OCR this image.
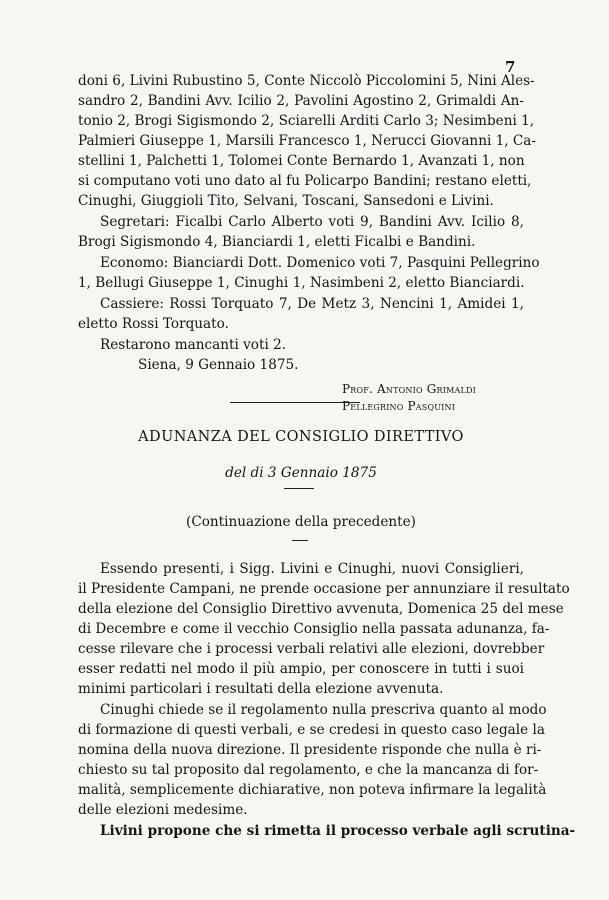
7
doni 6, Livini Rubustino 5, Conte Niccolò Piccolomini 5, Nini Ales-
sandro 2, Bandini Avv. Icilio 2, Pavolini Agostino 2, Grimaldi An-
tonio 2, Brogi Sigismondo 2, Sciarelli Arditi Carlo 3; Nesimbeni 1,
Palmieri Giuseppe 1, Marsili Francesco 1, Nerucci Giovanni 1, Ca-
stellini 1, Palchetti 1, Tolomei Conte Bernardo 1, Avanzati 1, non
si computano voti uno dato al fu Policarpo Bandini; restano eletti,
Cinughi, Giuggioli Tito, Selvani, Toscani, Sansedoni e Livini.
Segretari: Ficalbi Carlo Alberto voti 9, Bandini Avv. Icilio 8,
Brogi Sigismondo 4, Bianciardi 1, eletti Ficalbi e Bandini.
Economo: Bianciardi Dott. Domenico voti 7, Pasquini Pellegrino
1, Bellugi Giuseppe 1, Cinughi 1, Nasimbeni 2, eletto Bianciardi.
Cassiere: Rossi Torquato 7, De Metz 3, Nencini 1, Amidei 1,
eletto Rossi Torquato.
Restarono mancanti voti 2.
Siena, 9 Gennaio 1875.
Prof. Antonio Grimaldi
Pellegrino Pasquini
ADUNANZA DEL CONSIGLIO DIRETTIVO
del di 3 Gennaio 1875
(Continuazione della precedente)
Essendo presenti, i Sigg. Livini e Cinughi, nuovi Consiglieri,
il Presidente Campani, ne prende occasione per annunziare il resultato
della elezione del Consiglio Direttivo avvenuta, Domenica 25 del mese
di Decembre e come il vecchio Consiglio nella passata adunanza, fa-
cesse rilevare che i processi verbali relativi alle elezioni, dovrebber
esser redatti nel modo il più ampio, per conoscere in tutti i suoi
minimi particolari i resultati della elezione avvenuta.
Cinughi chiede se il regolamento nulla prescriva quanto al modo
di formazione di questi verbali, e se credesi in questo caso legale la
nomina della nuova direzione. Il presidente risponde che nulla è ri-
chiesto su tal proposito dal regolamento, e che la mancanza di for-
malità, semplicemente dichiarative, non poteva infirmare la legalità
delle elezioni medesime.
Livini propone che si rimetta il processo verbale agli scrutina-
